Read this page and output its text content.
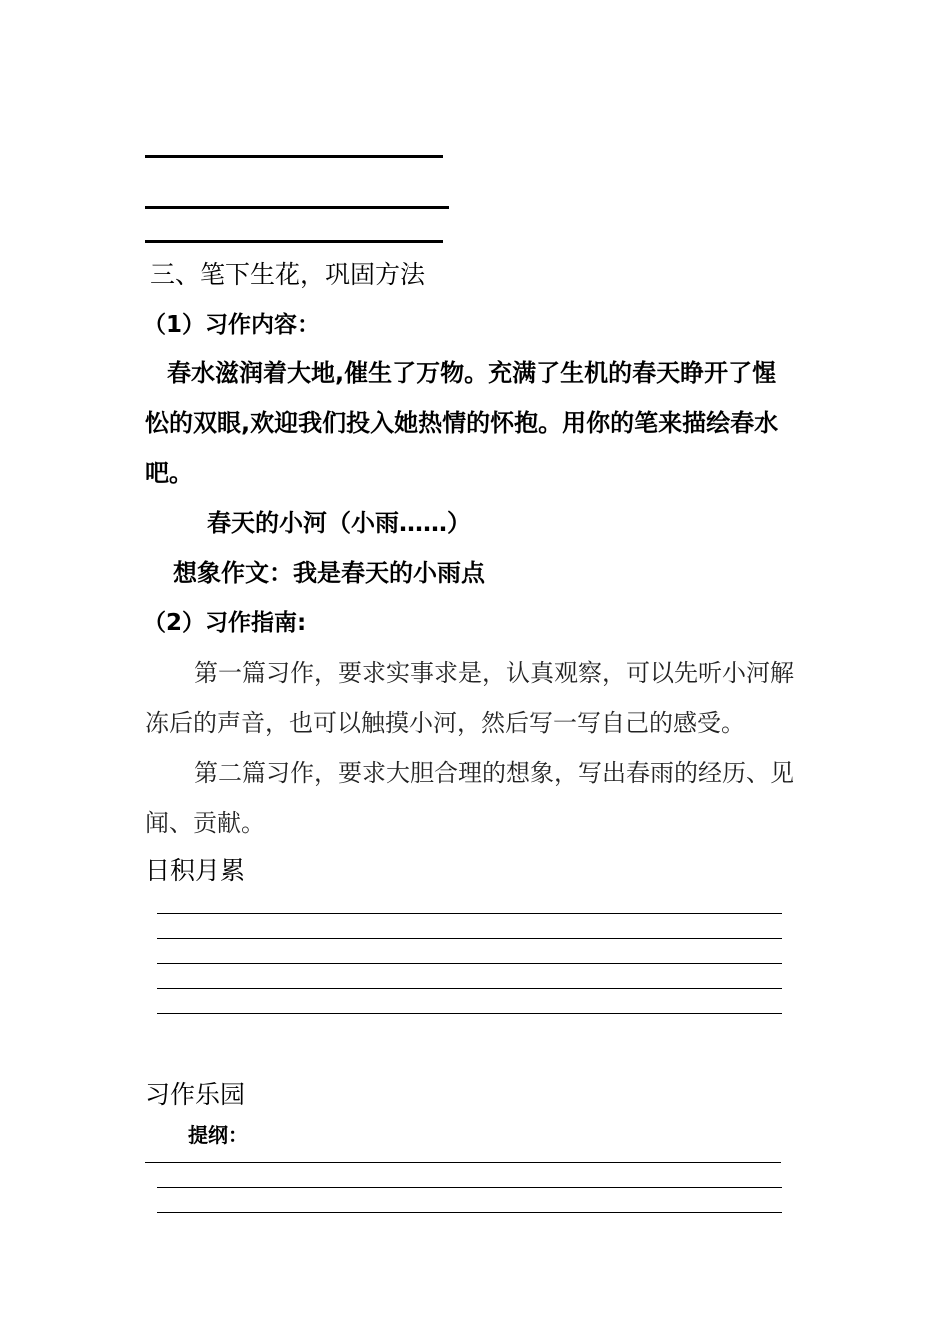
三、笔下生花，巩固方法
（1）习作内容：
春水滋润着大地,催生了万物。充满了生机的春天睁开了惺
忪的双眼,欢迎我们投入她热情的怀抱。用你的笔来描绘春水
吧。
春天的小河（小雨……）
想象作文：我是春天的小雨点
（2）习作指南:
第一篇习作，要求实事求是，认真观察，可以先听小河解
冻后的声音，也可以触摸小河，然后写一写自己的感受。
第二篇习作，要求大胆合理的想象，写出春雨的经历、见
闻、贡献。
日积月累
习作乐园
提纲：
